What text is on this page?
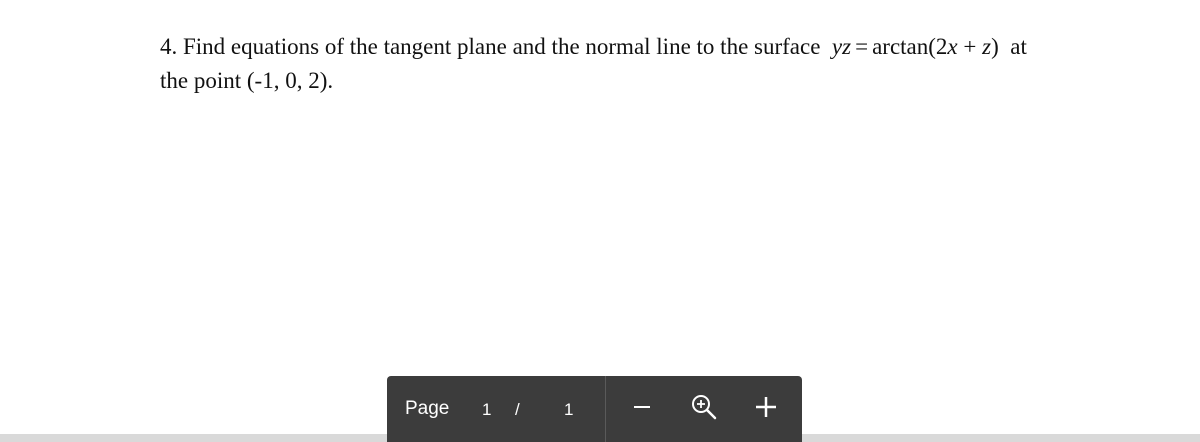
4. Find equations of the tangent plane and the normal line to the surface yz = arctan(2x + z) at
the point (-1, 0, 2).
Page 1 /	1
